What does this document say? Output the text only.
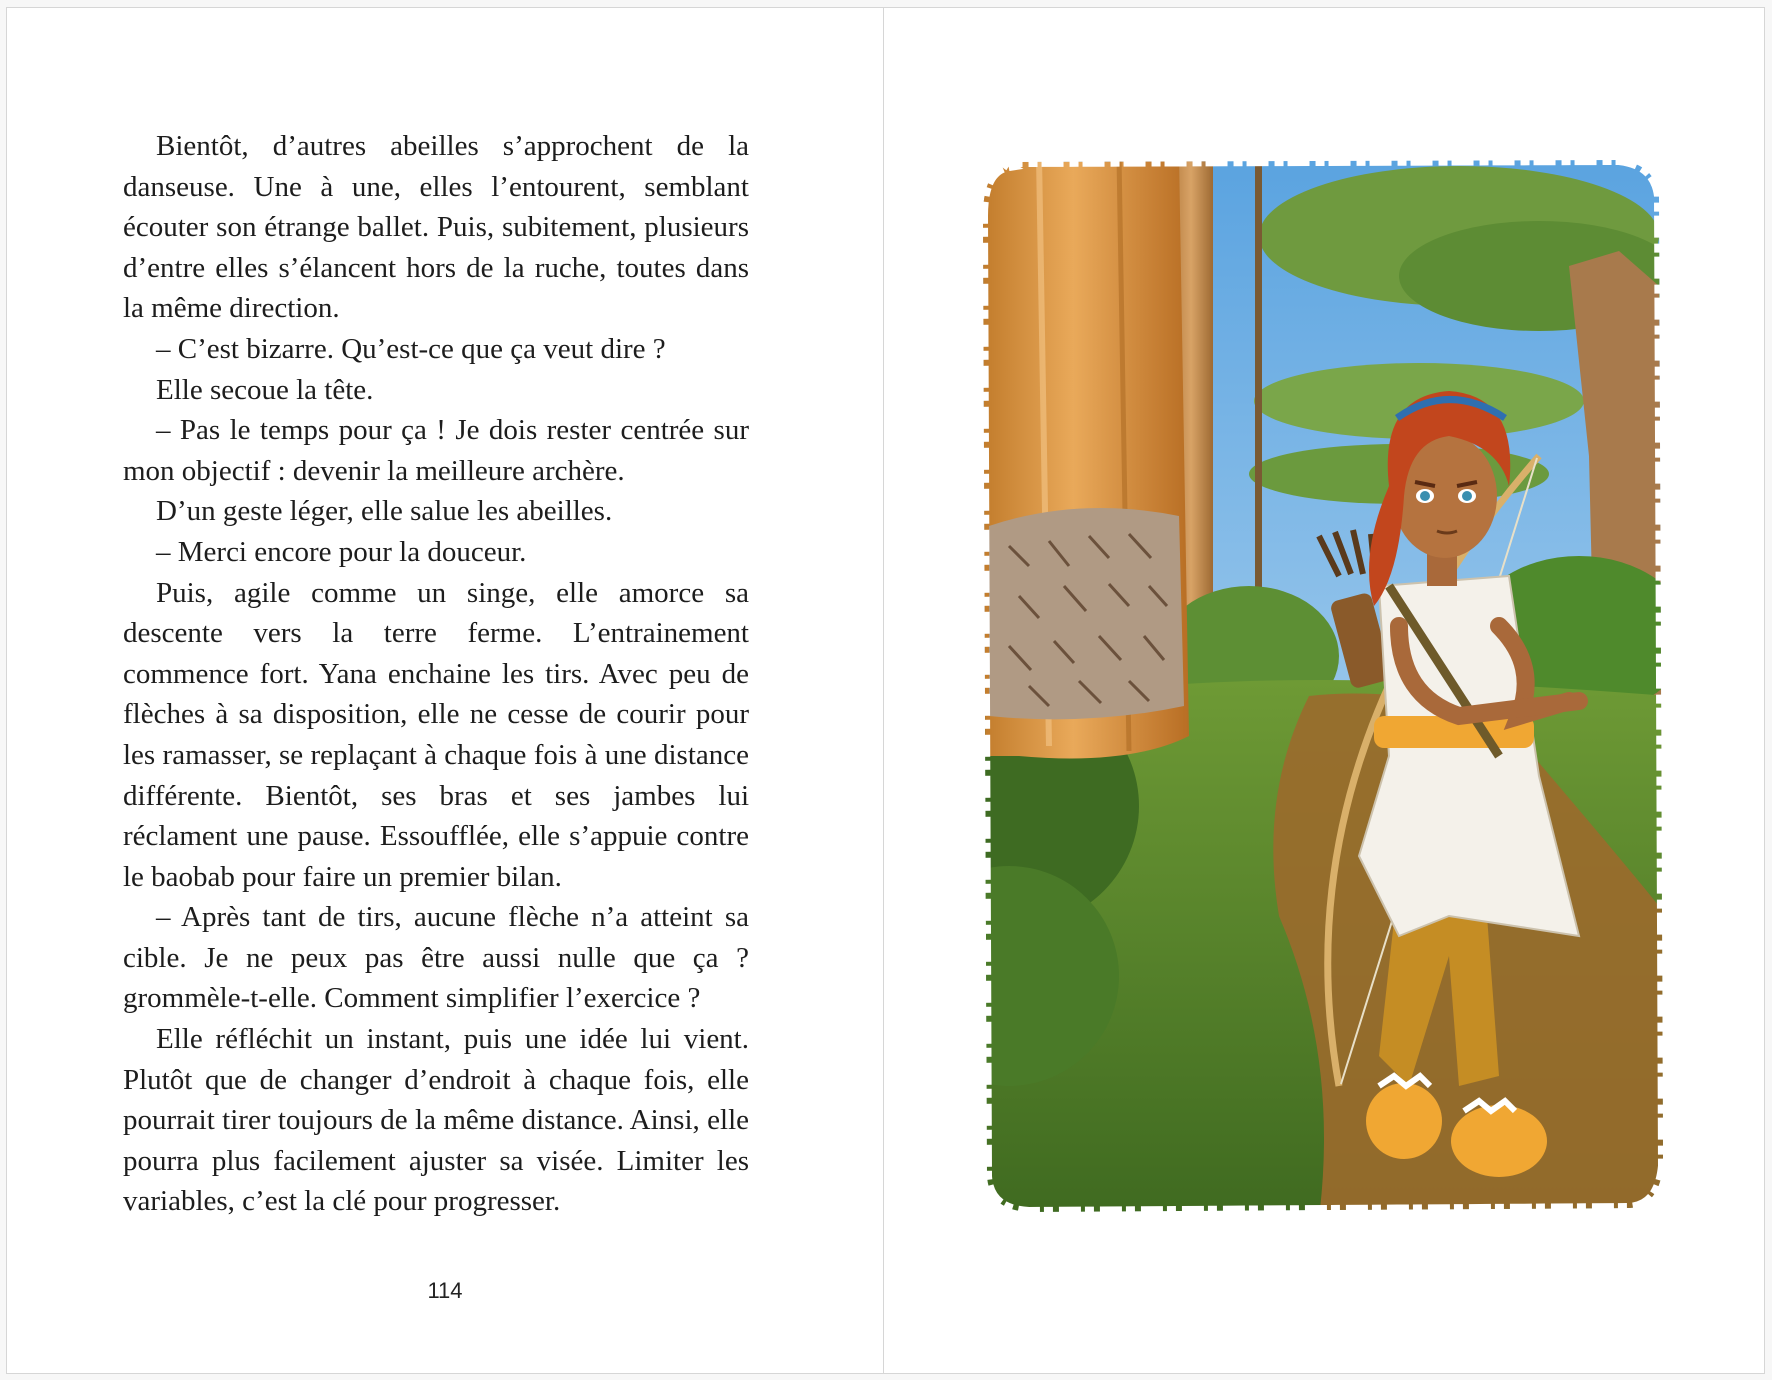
Bientôt, d’autres abeilles s’approchent de la danseuse. Une à une, elles l’entourent, semblant écouter son étrange ballet. Puis, subitement, plusieurs d’entre elles s’élancent hors de la ruche, toutes dans la même direction.

– C’est bizarre. Qu’est-ce que ça veut dire ?

Elle secoue la tête.

– Pas le temps pour ça ! Je dois rester centrée sur mon objectif : devenir la meilleure archère.

D’un geste léger, elle salue les abeilles.

– Merci encore pour la douceur.

Puis, agile comme un singe, elle amorce sa descente vers la terre ferme. L’entrainement commence fort. Yana enchaine les tirs. Avec peu de flèches à sa disposition, elle ne cesse de courir pour les ramasser, se replaçant à chaque fois à une distance différente. Bientôt, ses bras et ses jambes lui réclament une pause. Essoufflée, elle s’appuie contre le baobab pour faire un premier bilan.

– Après tant de tirs, aucune flèche n’a atteint sa cible. Je ne peux pas être aussi nulle que ça ? grommèle-t-elle. Comment simplifier l’exercice ?

Elle réfléchit un instant, puis une idée lui vient. Plutôt que de changer d’endroit à chaque fois, elle pourrait tirer toujours de la même distance. Ainsi, elle pourra plus facilement ajuster sa visée. Limiter les variables, c’est la clé pour progresser.

114
